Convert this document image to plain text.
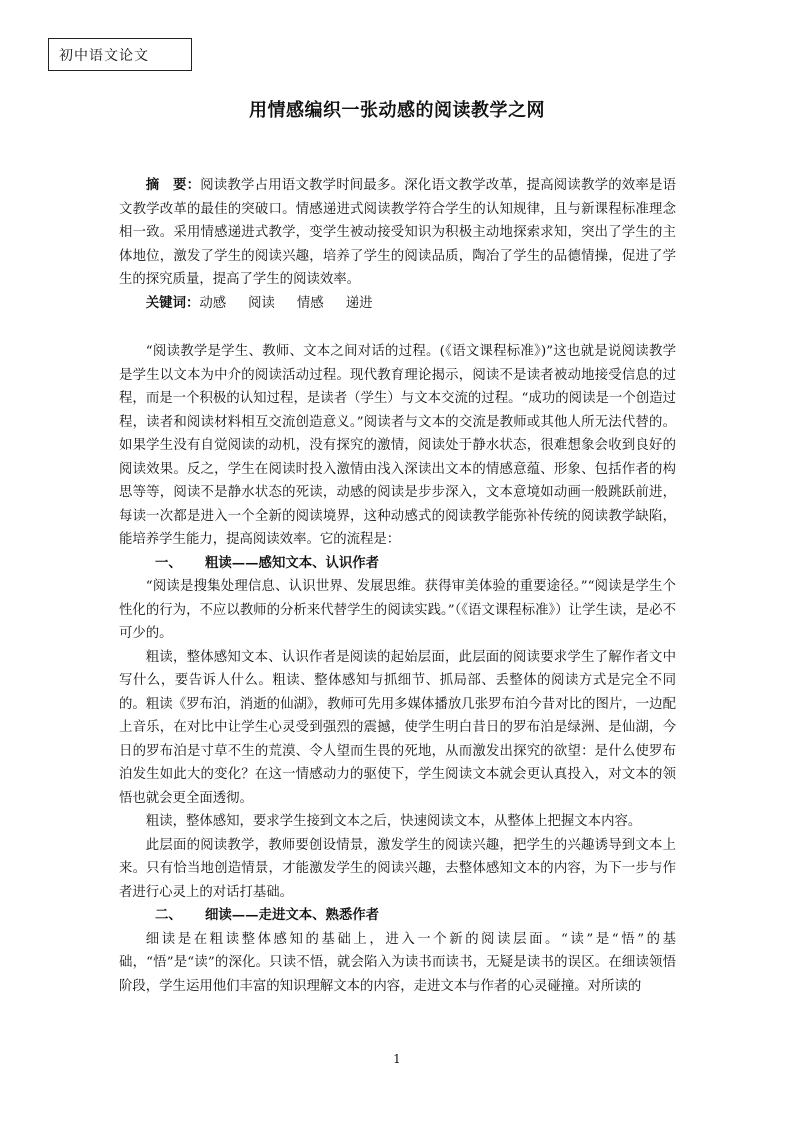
初中语文论文
用情感编织一张动感的阅读教学之网

摘　要：阅读教学占用语文教学时间最多。深化语文教学改革，提高阅读教学的效率是语文教学改革的最佳的突破口。情感递进式阅读教学符合学生的认知规律，且与新课程标准理念相一致。采用情感递进式教学，变学生被动接受知识为积极主动地探索求知，突出了学生的主体地位，激发了学生的阅读兴趣，培养了学生的阅读品质，陶冶了学生的品德情操，促进了学生的探究质量，提高了学生的阅读效率。

关键词：动感 阅读 情感 递进

“阅读教学是学生、教师、文本之间对话的过程。(《语文课程标准》)”这也就是说阅读教学是学生以文本为中介的阅读活动过程。现代教育理论揭示，阅读不是读者被动地接受信息的过程，而是一个积极的认知过程，是读者（学生）与文本交流的过程。“成功的阅读是一个创造过程，读者和阅读材料相互交流创造意义。”阅读者与文本的交流是教师或其他人所无法代替的。如果学生没有自觉阅读的动机，没有探究的激情，阅读处于静水状态，很难想象会收到良好的阅读效果。反之，学生在阅读时投入激情由浅入深读出文本的情感意蕴、形象、包括作者的构思等等，阅读不是静水状态的死读，动感的阅读是步步深入，文本意境如动画一般跳跃前进，每读一次都是进入一个全新的阅读境界，这种动感式的阅读教学能弥补传统的阅读教学缺陷，能培养学生能力，提高阅读效率。它的流程是：

一、 粗读——感知文本、认识作者

“阅读是搜集处理信息、认识世界、发展思维。获得审美体验的重要途径。”“阅读是学生个性化的行为，不应以教师的分析来代替学生的阅读实践。”（《语文课程标准》）让学生读，是必不可少的。

粗读，整体感知文本、认识作者是阅读的起始层面，此层面的阅读要求学生了解作者文中写什么，要告诉人什么。粗读、整体感知与抓细节、抓局部、丢整体的阅读方式是完全不同的。粗读《罗布泊，消逝的仙湖》，教师可先用多媒体播放几张罗布泊今昔对比的图片，一边配上音乐，在对比中让学生心灵受到强烈的震撼，使学生明白昔日的罗布泊是绿洲、是仙湖，今日的罗布泊是寸草不生的荒漠、令人望而生畏的死地，从而激发出探究的欲望：是什么使罗布泊发生如此大的变化？在这一情感动力的驱使下，学生阅读文本就会更认真投入，对文本的领悟也就会更全面透彻。

粗读，整体感知，要求学生接到文本之后，快速阅读文本，从整体上把握文本内容。

此层面的阅读教学，教师要创设情景，激发学生的阅读兴趣，把学生的兴趣诱导到文本上来。只有恰当地创造情景，才能激发学生的阅读兴趣，去整体感知文本的内容，为下一步与作者进行心灵上的对话打基础。

二、 细读——走进文本、熟悉作者

细读是在粗读整体感知的基础上，进入一个新的阅读层面。“读”是“悟”的基础，“悟”是“读”的深化。只读不悟，就会陷入为读书而读书，无疑是读书的误区。在细读领悟阶段，学生运用他们丰富的知识理解文本的内容，走进文本与作者的心灵碰撞。对所读的

1
